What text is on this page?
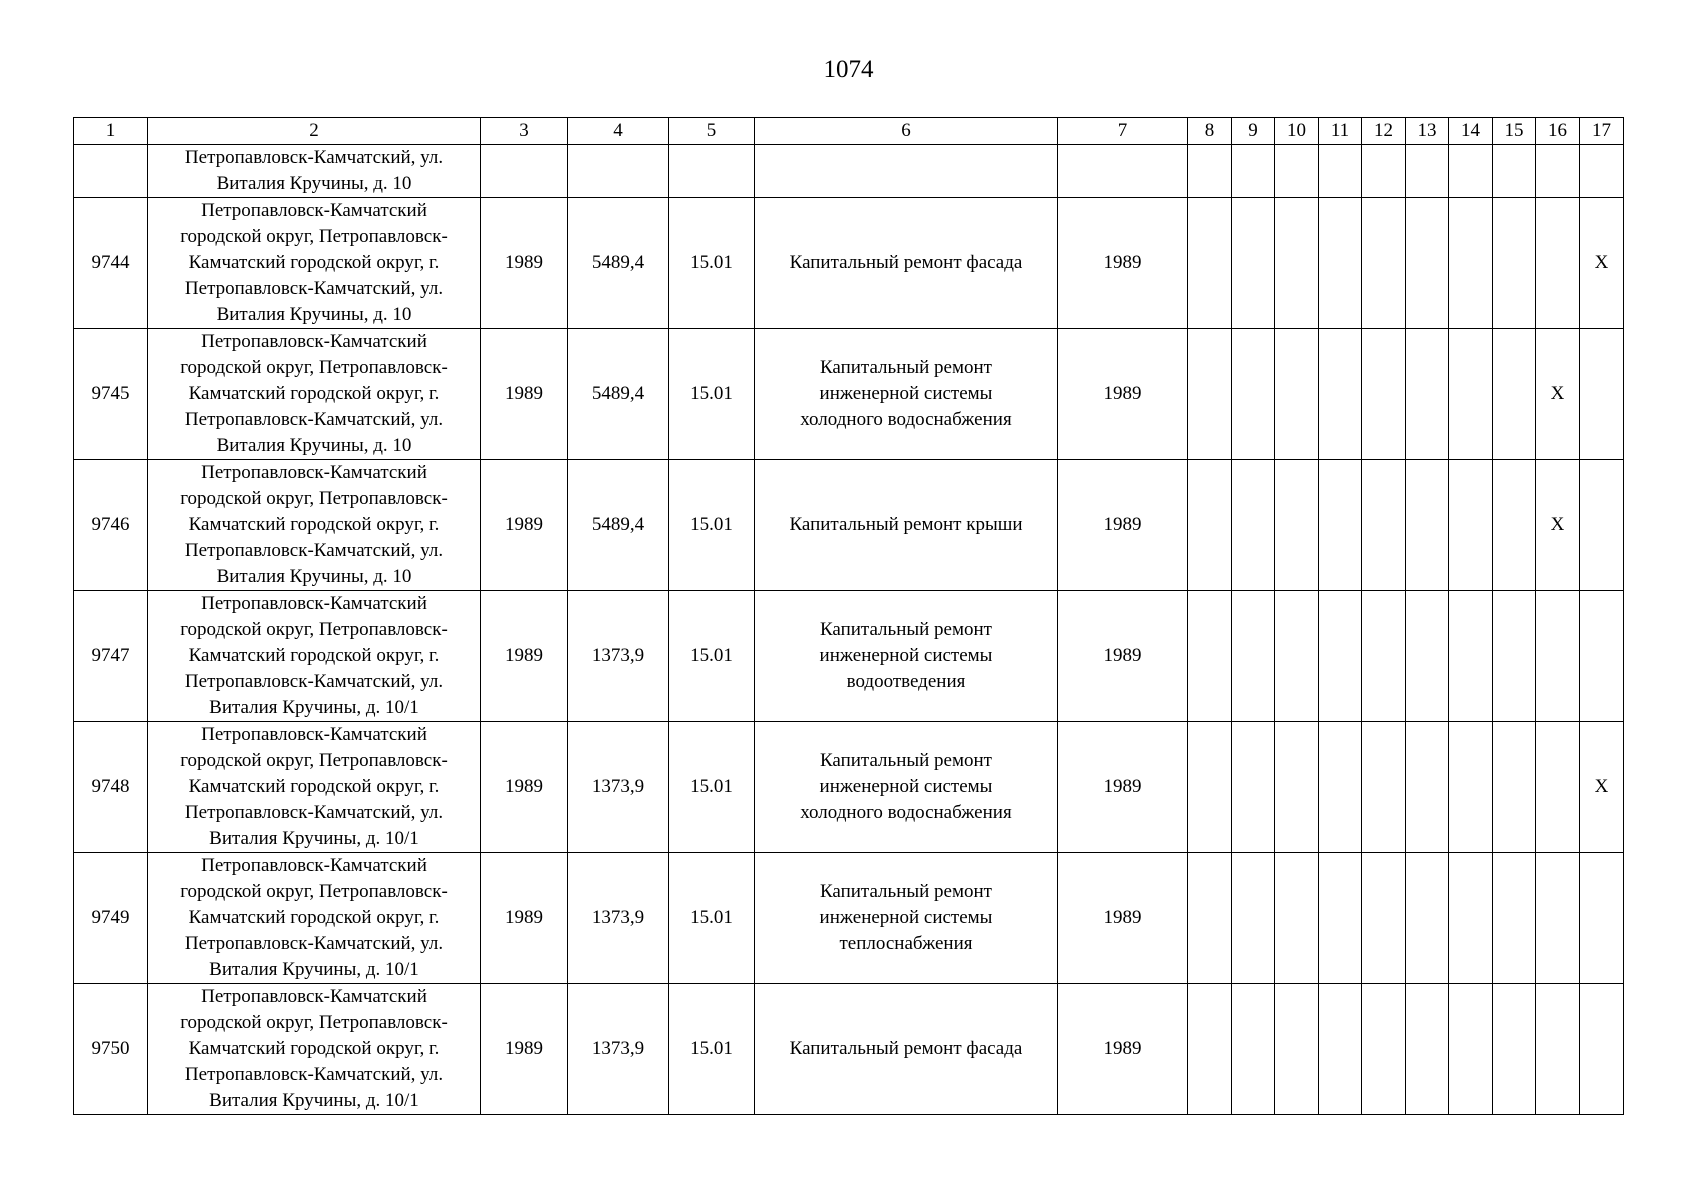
1074
1	2	3	4	5	6	7	8	9	10	11	12	13	14	15	16	17
	Петропавловск-Камчатский, ул.
Виталия Кручины, д. 10															
9744	Петропавловск-Камчатский
городской округ, Петропавловск-
Камчатский городской округ, г.
Петропавловск-Камчатский, ул.
Виталия Кручины, д. 10	1989	5489,4	15.01	Капитальный ремонт фасада	1989										X
9745	Петропавловск-Камчатский
городской округ, Петропавловск-
Камчатский городской округ, г.
Петропавловск-Камчатский, ул.
Виталия Кручины, д. 10	1989	5489,4	15.01	Капитальный ремонт
инженерной системы
холодного водоснабжения	1989									X	
9746	Петропавловск-Камчатский
городской округ, Петропавловск-
Камчатский городской округ, г.
Петропавловск-Камчатский, ул.
Виталия Кручины, д. 10	1989	5489,4	15.01	Капитальный ремонт крыши	1989									X	
9747	Петропавловск-Камчатский
городской округ, Петропавловск-
Камчатский городской округ, г.
Петропавловск-Камчатский, ул.
Виталия Кручины, д. 10/1	1989	1373,9	15.01	Капитальный ремонт
инженерной системы
водоотведения	1989										
9748	Петропавловск-Камчатский
городской округ, Петропавловск-
Камчатский городской округ, г.
Петропавловск-Камчатский, ул.
Виталия Кручины, д. 10/1	1989	1373,9	15.01	Капитальный ремонт
инженерной системы
холодного водоснабжения	1989										X
9749	Петропавловск-Камчатский
городской округ, Петропавловск-
Камчатский городской округ, г.
Петропавловск-Камчатский, ул.
Виталия Кручины, д. 10/1	1989	1373,9	15.01	Капитальный ремонт
инженерной системы
теплоснабжения	1989										
9750	Петропавловск-Камчатский
городской округ, Петропавловск-
Камчатский городской округ, г.
Петропавловск-Камчатский, ул.
Виталия Кручины, д. 10/1	1989	1373,9	15.01	Капитальный ремонт фасада	1989										
